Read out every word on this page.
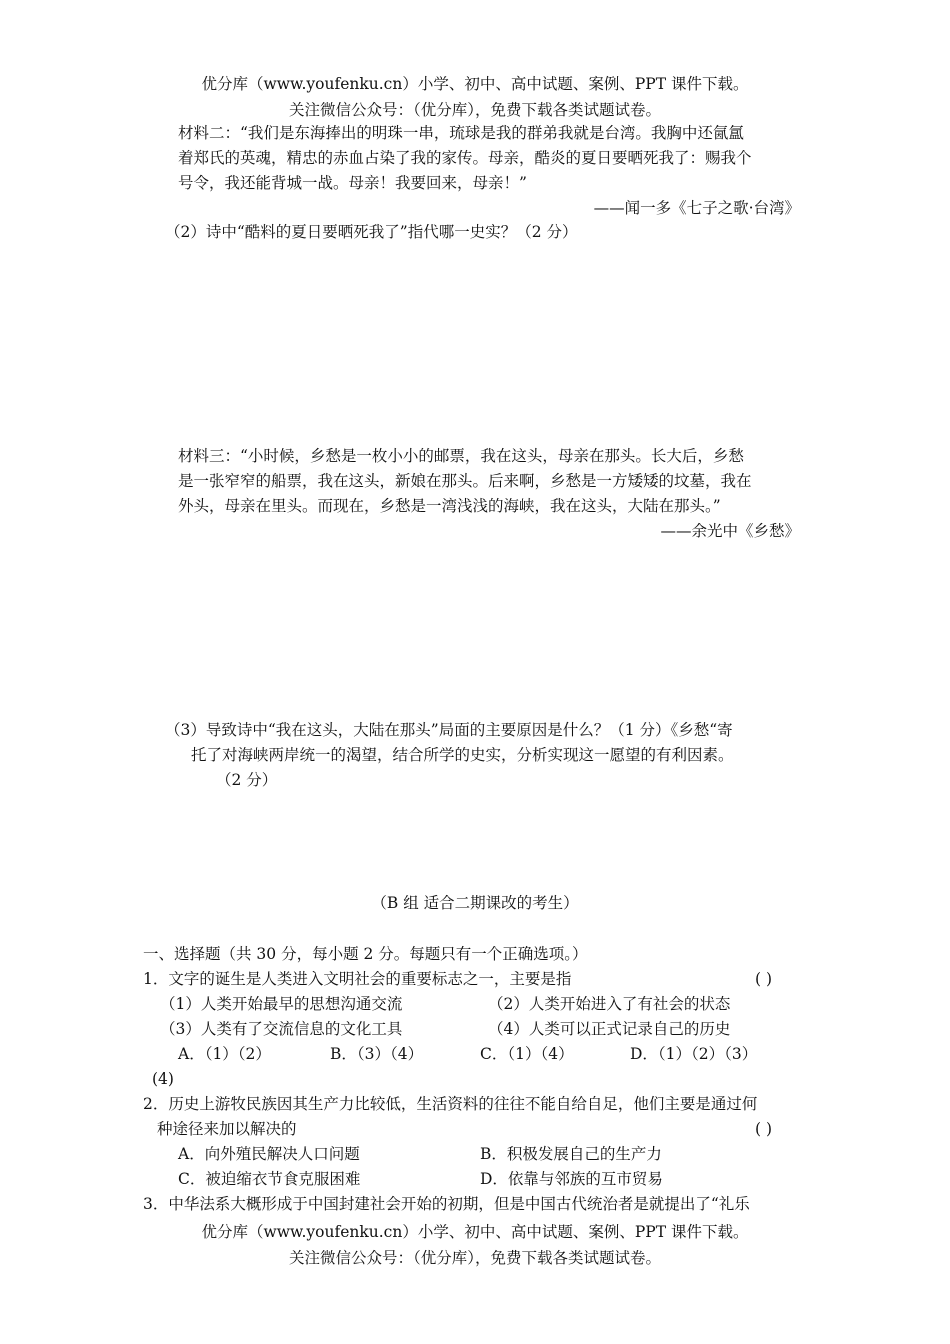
优分库（www.youfenku.cn）小学、初中、高中试题、案例、PPT 课件下载。
关注微信公众号：（优分库），免费下载各类试题试卷。
材料二：“我们是东海捧出的明珠一串，琉球是我的群弟我就是台湾。我胸中还氤氲
着郑氏的英魂，精忠的赤血占染了我的家传。母亲，酷炎的夏日要晒死我了：赐我个
号令，我还能背城一战。母亲！我要回来，母亲！”
——闻一多《七子之歌·台湾》
（2）诗中“酷料的夏日要晒死我了”指代哪一史实？（2 分）
材料三：“小时候，乡愁是一枚小小的邮票，我在这头，母亲在那头。长大后，乡愁
是一张窄窄的船票，我在这头，新娘在那头。后来啊，乡愁是一方矮矮的坟墓，我在
外头，母亲在里头。而现在，乡愁是一湾浅浅的海峡，我在这头，大陆在那头。”
——余光中《乡愁》
（3）导致诗中“我在这头，大陆在那头”局面的主要原因是什么？（1 分）《乡愁“寄
托了对海峡两岸统一的渴望，结合所学的史实，分析实现这一愿望的有利因素。
（2 分）
（B 组 适合二期课改的考生）
一、选择题（共 30 分，每小题 2 分。每题只有一个正确选项。）
1．文字的诞生是人类进入文明社会的重要标志之一，主要是指	( )
（1）人类开始最早的思想沟通交流	（2）人类开始进入了有社会的状态
（3）人类有了交流信息的文化工具	（4）人类可以正式记录自己的历史
A．（1）（2）	B．（3）（4）	C．（1）（4）	D．（1）（2）（3）
(4)
2．历史上游牧民族因其生产力比较低，生活资料的往往不能自给自足，他们主要是通过何
种途径来加以解决的	( )
A．向外殖民解决人口问题	B．积极发展自己的生产力
C．被迫缩衣节食克服困难	D．依靠与邻族的互市贸易
3．中华法系大概形成于中国封建社会开始的初期，但是中国古代统治者是就提出了“礼乐
优分库（www.youfenku.cn）小学、初中、高中试题、案例、PPT 课件下载。
关注微信公众号：（优分库），免费下载各类试题试卷。
